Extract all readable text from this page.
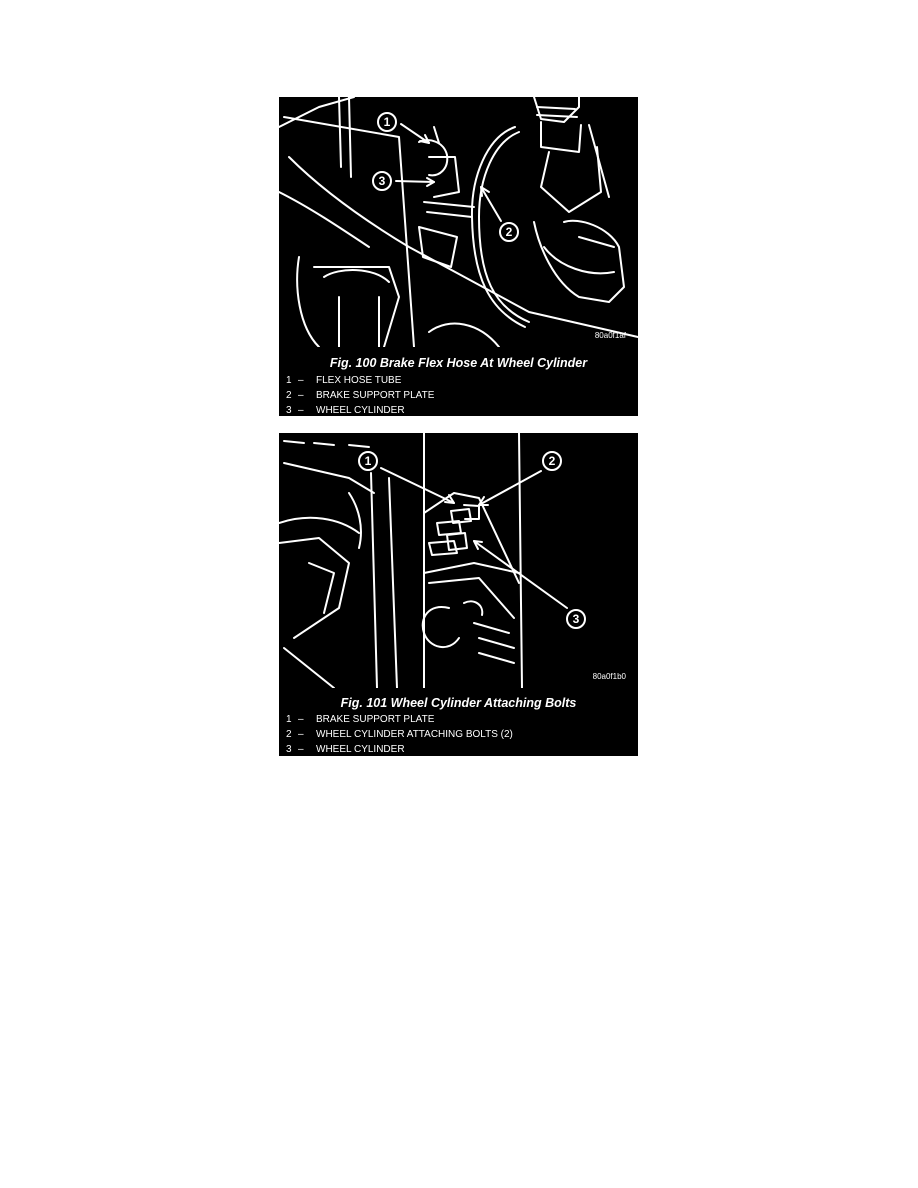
1
3
2
80a0f1af
Fig. 100 Brake Flex Hose At Wheel Cylinder
1 – FLEX HOSE TUBE
2 – BRAKE SUPPORT PLATE
3 – WHEEL CYLINDER
1	2
3
80a0f1b0
Fig. 101 Wheel Cylinder Attaching Bolts
1 – BRAKE SUPPORT PLATE
2 – WHEEL CYLINDER ATTACHING BOLTS (2)
3 – WHEEL CYLINDER
